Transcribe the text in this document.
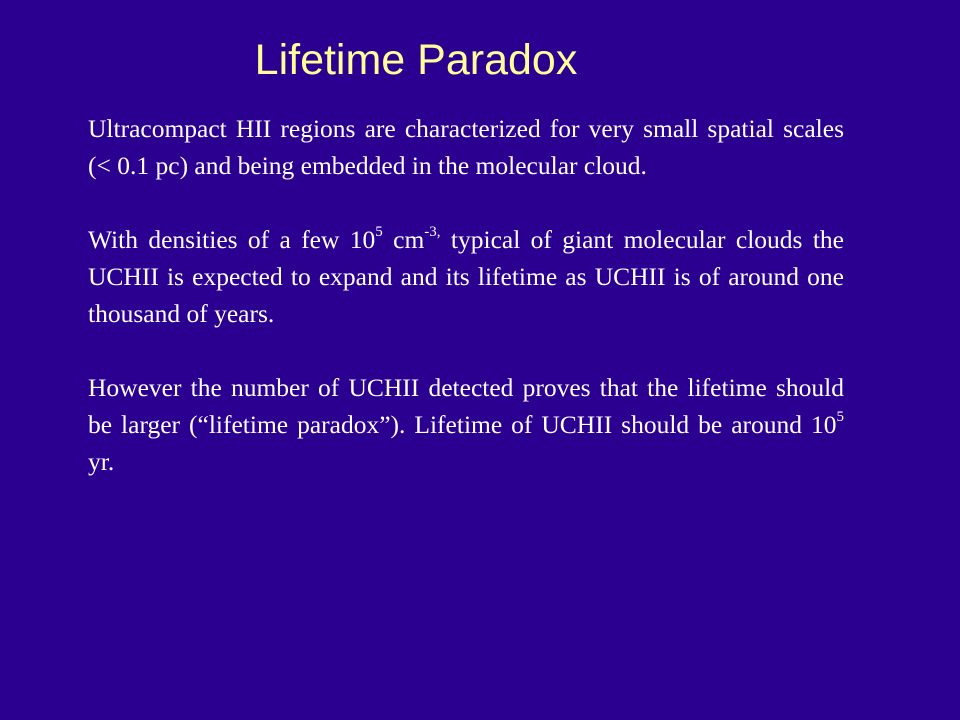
Lifetime Paradox

Ultracompact HII regions are characterized for very small spatial scales (< 0.1 pc) and being embedded in the molecular cloud.

With densities of a few $10^5$ $cm^{-3,}$ typical of giant molecular clouds the UCHII is expected to expand and its lifetime as UCHII is of around one thousand of years.

However the number of UCHII detected proves that the lifetime should be larger (“lifetime paradox”). Lifetime of UCHII should be around $10^5$ yr.
